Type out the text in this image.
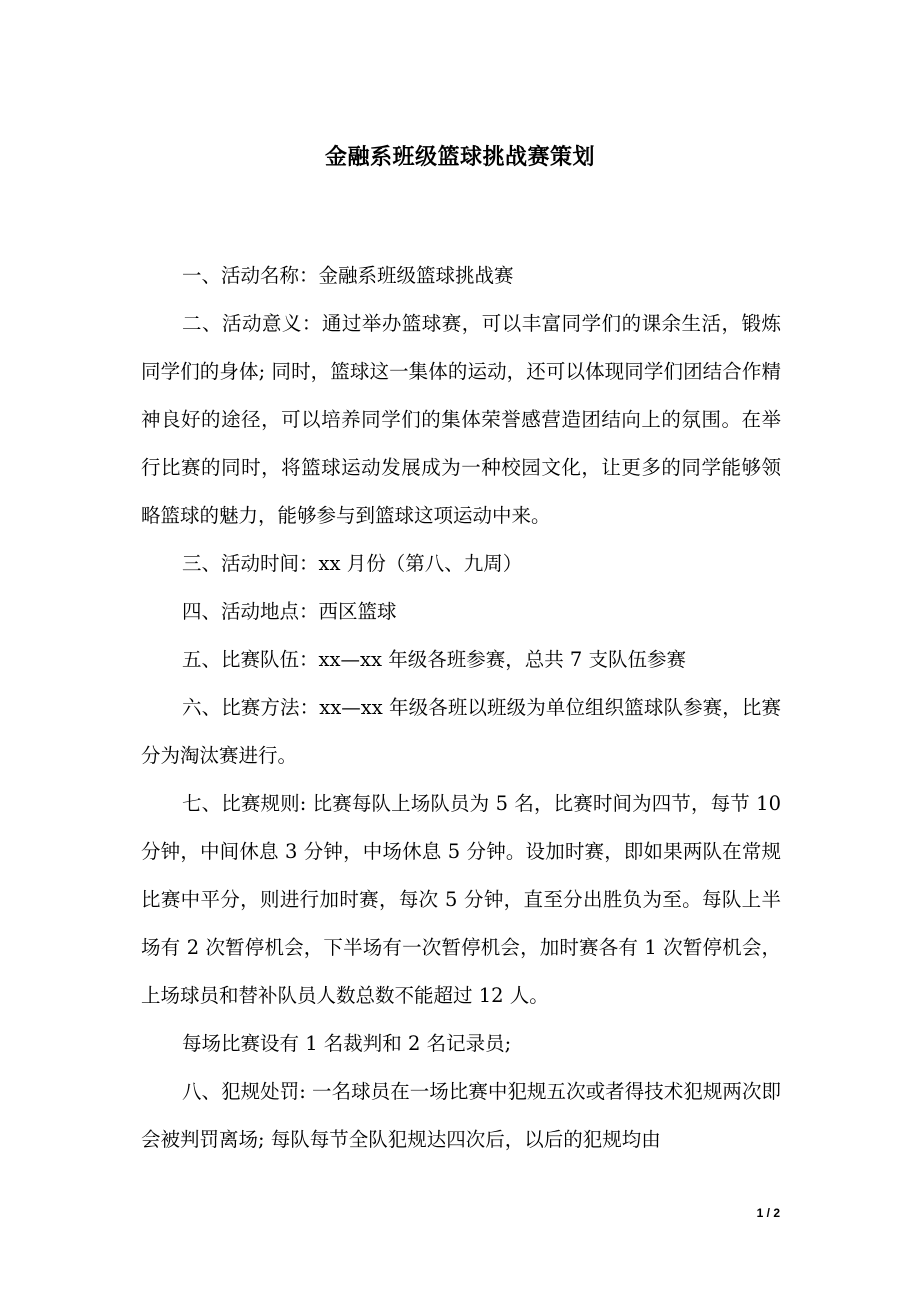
金融系班级篮球挑战赛策划

一、活动名称：金融系班级篮球挑战赛

二、活动意义：通过举办篮球赛，可以丰富同学们的课余生活，锻炼同学们的身体; 同时，篮球这一集体的运动，还可以体现同学们团结合作精神良好的途径，可以培养同学们的集体荣誉感营造团结向上的氛围。在举行比赛的同时，将篮球运动发展成为一种校园文化，让更多的同学能够领略篮球的魅力，能够参与到篮球这项运动中来。

三、活动时间：xx 月份（第八、九周）

四、活动地点：西区篮球

五、比赛队伍：xx—xx 年级各班参赛，总共 7 支队伍参赛

六、比赛方法：xx—xx 年级各班以班级为单位组织篮球队参赛，比赛分为淘汰赛进行。

七、比赛规则: 比赛每队上场队员为 5 名，比赛时间为四节，每节 10 分钟，中间休息 3 分钟，中场休息 5 分钟。设加时赛，即如果两队在常规比赛中平分，则进行加时赛，每次 5 分钟，直至分出胜负为至。每队上半场有 2 次暂停机会，下半场有一次暂停机会，加时赛各有 1 次暂停机会，上场球员和替补队员人数总数不能超过 12 人。

每场比赛设有 1 名裁判和 2 名记录员;

八、犯规处罚: 一名球员在一场比赛中犯规五次或者得技术犯规两次即会被判罚离场; 每队每节全队犯规达四次后，以后的犯规均由

1 / 2
